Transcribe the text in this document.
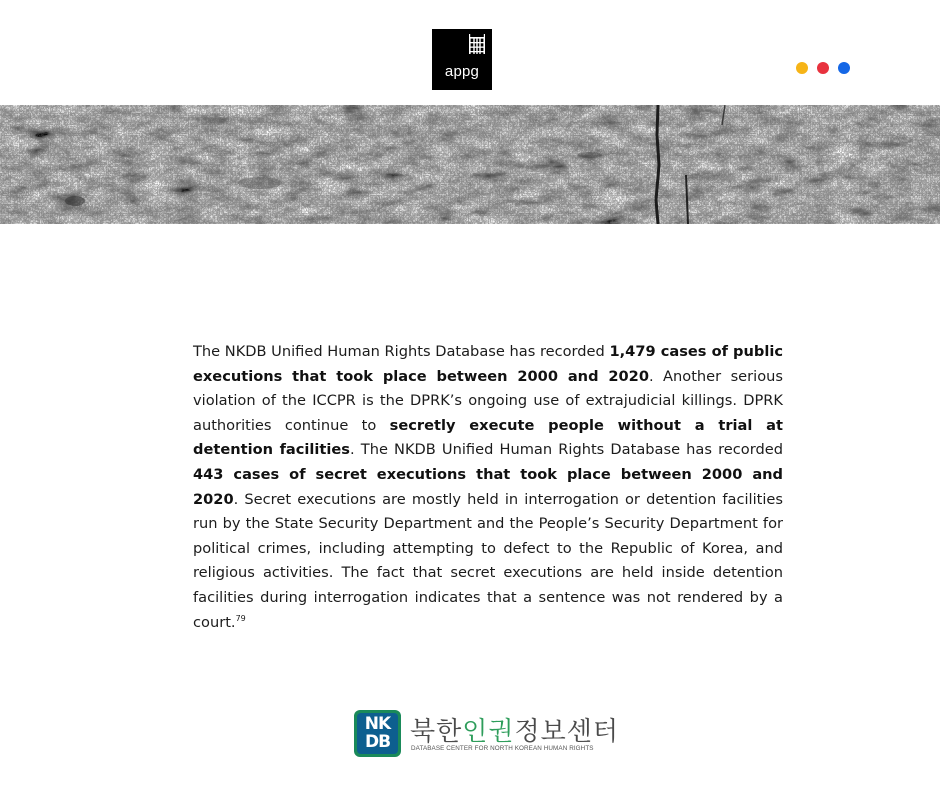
appg

The NKDB Unified Human Rights Database has recorded 1,479 cases of public executions that took place between 2000 and 2020. Another serious violation of the ICCPR is the DPRK’s ongoing use of extrajudicial killings. DPRK authorities continue to secretly execute people without a trial at detention facilities. The NKDB Unified Human Rights Database has recorded 443 cases of secret executions that took place between 2000 and 2020. Secret executions are mostly held in interrogation or detention facilities run by the State Security Department and the People’s Security Department for political crimes, including attempting to defect to the Republic of Korea, and religious activities. The fact that secret executions are held inside detention facilities during interrogation indicates that a sentence was not rendered by a court.$^{79}$

NK
DB 북한인권정보센터
DATABASE CENTER FOR NORTH KOREAN HUMAN RIGHTS
